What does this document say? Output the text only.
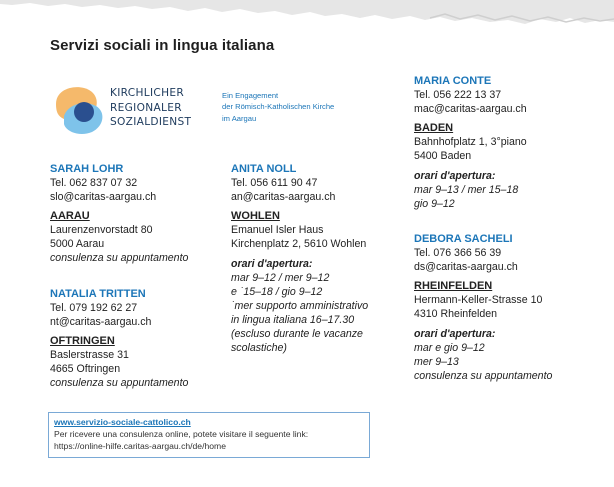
Servizi sociali in lingua italiana
KIRCHLICHER
REGIONALER
SOZIALDIENST
Ein Engagement
der Römisch-Katholischen Kirche
im Aargau
SARAH LOHR
Tel. 062 837 07 32
slo@caritas-aargau.ch
AARAU
Laurenzenvorstadt 80
5000 Aarau
consulenza su appuntamento
NATALIA TRITTEN
Tel. 079 192 62 27
nt@caritas-aargau.ch
OFTRINGEN
Baslerstrasse 31
4665 Oftringen
consulenza su appuntamento
ANITA NOLL
Tel. 056 611 90 47
an@caritas-aargau.ch
WOHLEN
Emanuel Isler Haus
Kirchenplatz 2, 5610 Wohlen
orari d'apertura:
mar 9–12 / mer 9–12
e ˙15–18 / gio 9–12
˙mer supporto amministrativo
in lingua italiana 16–17.30
(escluso durante le vacanze
scolastiche)
MARIA CONTE
Tel. 056 222 13 37
mac@caritas-aargau.ch
BADEN
Bahnhofplatz 1, 3°piano
5400 Baden
orari d'apertura:
mar 9–13 / mer 15–18
gio 9–12
DEBORA SACHELI
Tel. 076 366 56 39
ds@caritas-aargau.ch
RHEINFELDEN
Hermann-Keller-Strasse 10
4310 Rheinfelden
orari d'apertura:
mar e gio 9–12
mer 9–13
consulenza su appuntamento
www.servizio-sociale-cattolico.ch
Per ricevere una consulenza online, potete visitare il seguente link:
https://online-hilfe.caritas-aargau.ch/de/home
